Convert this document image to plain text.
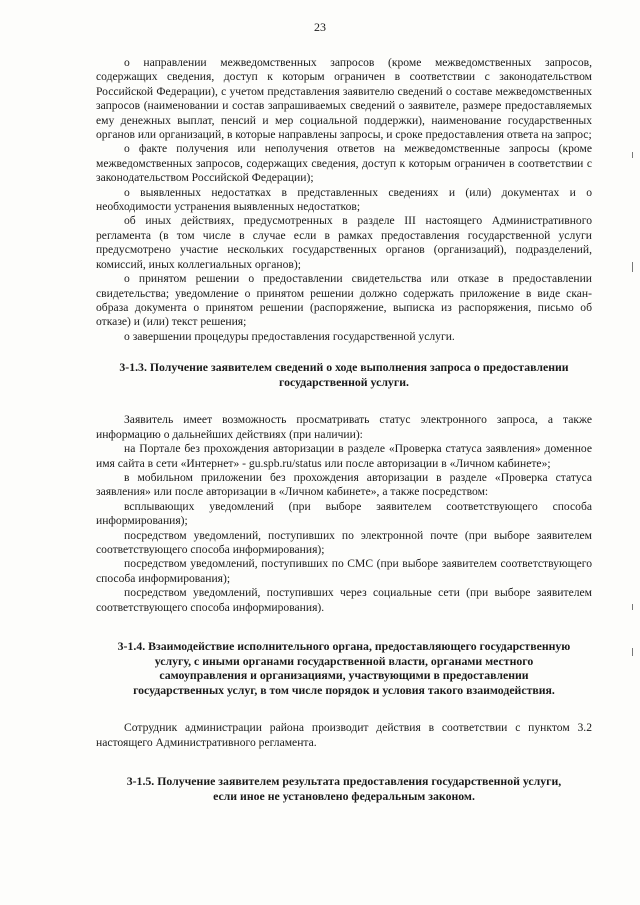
23

о направлении межведомственных запросов (кроме межведомственных запросов, содержащих сведения, доступ к которым ограничен в соответствии с законодательством Российской Федерации), с учетом представления заявителю сведений о составе межведомственных запросов (наименовании и состав запрашиваемых сведений о заявителе, размере предоставляемых ему денежных выплат, пенсий и мер социальной поддержки), наименование государственных органов или организаций, в которые направлены запросы, и сроке предоставления ответа на запрос;

о факте получения или неполучения ответов на межведомственные запросы (кроме межведомственных запросов, содержащих сведения, доступ к которым ограничен в соответствии с законодательством Российской Федерации);

о выявленных недостатках в представленных сведениях и (или) документах и о необходимости устранения выявленных недостатков;

об иных действиях, предусмотренных в разделе III настоящего Административного регламента (в том числе в случае если в рамках предоставления государственной услуги предусмотрено участие нескольких государственных органов (организаций), подразделений, комиссий, иных коллегиальных органов);

о принятом решении о предоставлении свидетельства или отказе в предоставлении свидетельства; уведомление о принятом решении должно содержать приложение в виде скан-образа документа о принятом решении (распоряжение, выписка из распоряжения, письмо об отказе) и (или) текст решения;

о завершении процедуры предоставления государственной услуги.

3-1.3. Получение заявителем сведений о ходе выполнения запроса о предоставлении государственной услуги.

Заявитель имеет возможность просматривать статус электронного запроса, а также информацию о дальнейших действиях (при наличии):

на Портале без прохождения авторизации в разделе «Проверка статуса заявления» доменное имя сайта в сети «Интернет» - gu.spb.ru/status или после авторизации в «Личном кабинете»;

в мобильном приложении без прохождения авторизации в разделе «Проверка статуса заявления» или после авторизации в «Личном кабинете», а также посредством:

всплывающих уведомлений (при выборе заявителем соответствующего способа информирования);

посредством уведомлений, поступивших по электронной почте (при выборе заявителем соответствующего способа информирования);

посредством уведомлений, поступивших по СМС (при выборе заявителем соответствующего способа информирования);

посредством уведомлений, поступивших через социальные сети (при выборе заявителем соответствующего способа информирования).

3-1.4. Взаимодействие исполнительного органа, предоставляющего государственную услугу, с иными органами государственной власти, органами местного самоуправления и организациями, участвующими в предоставлении государственных услуг, в том числе порядок и условия такого взаимодействия.

Сотрудник администрации района производит действия в соответствии с пунктом 3.2 настоящего Административного регламента.

3-1.5. Получение заявителем результата предоставления государственной услуги, если иное не установлено федеральным законом.
